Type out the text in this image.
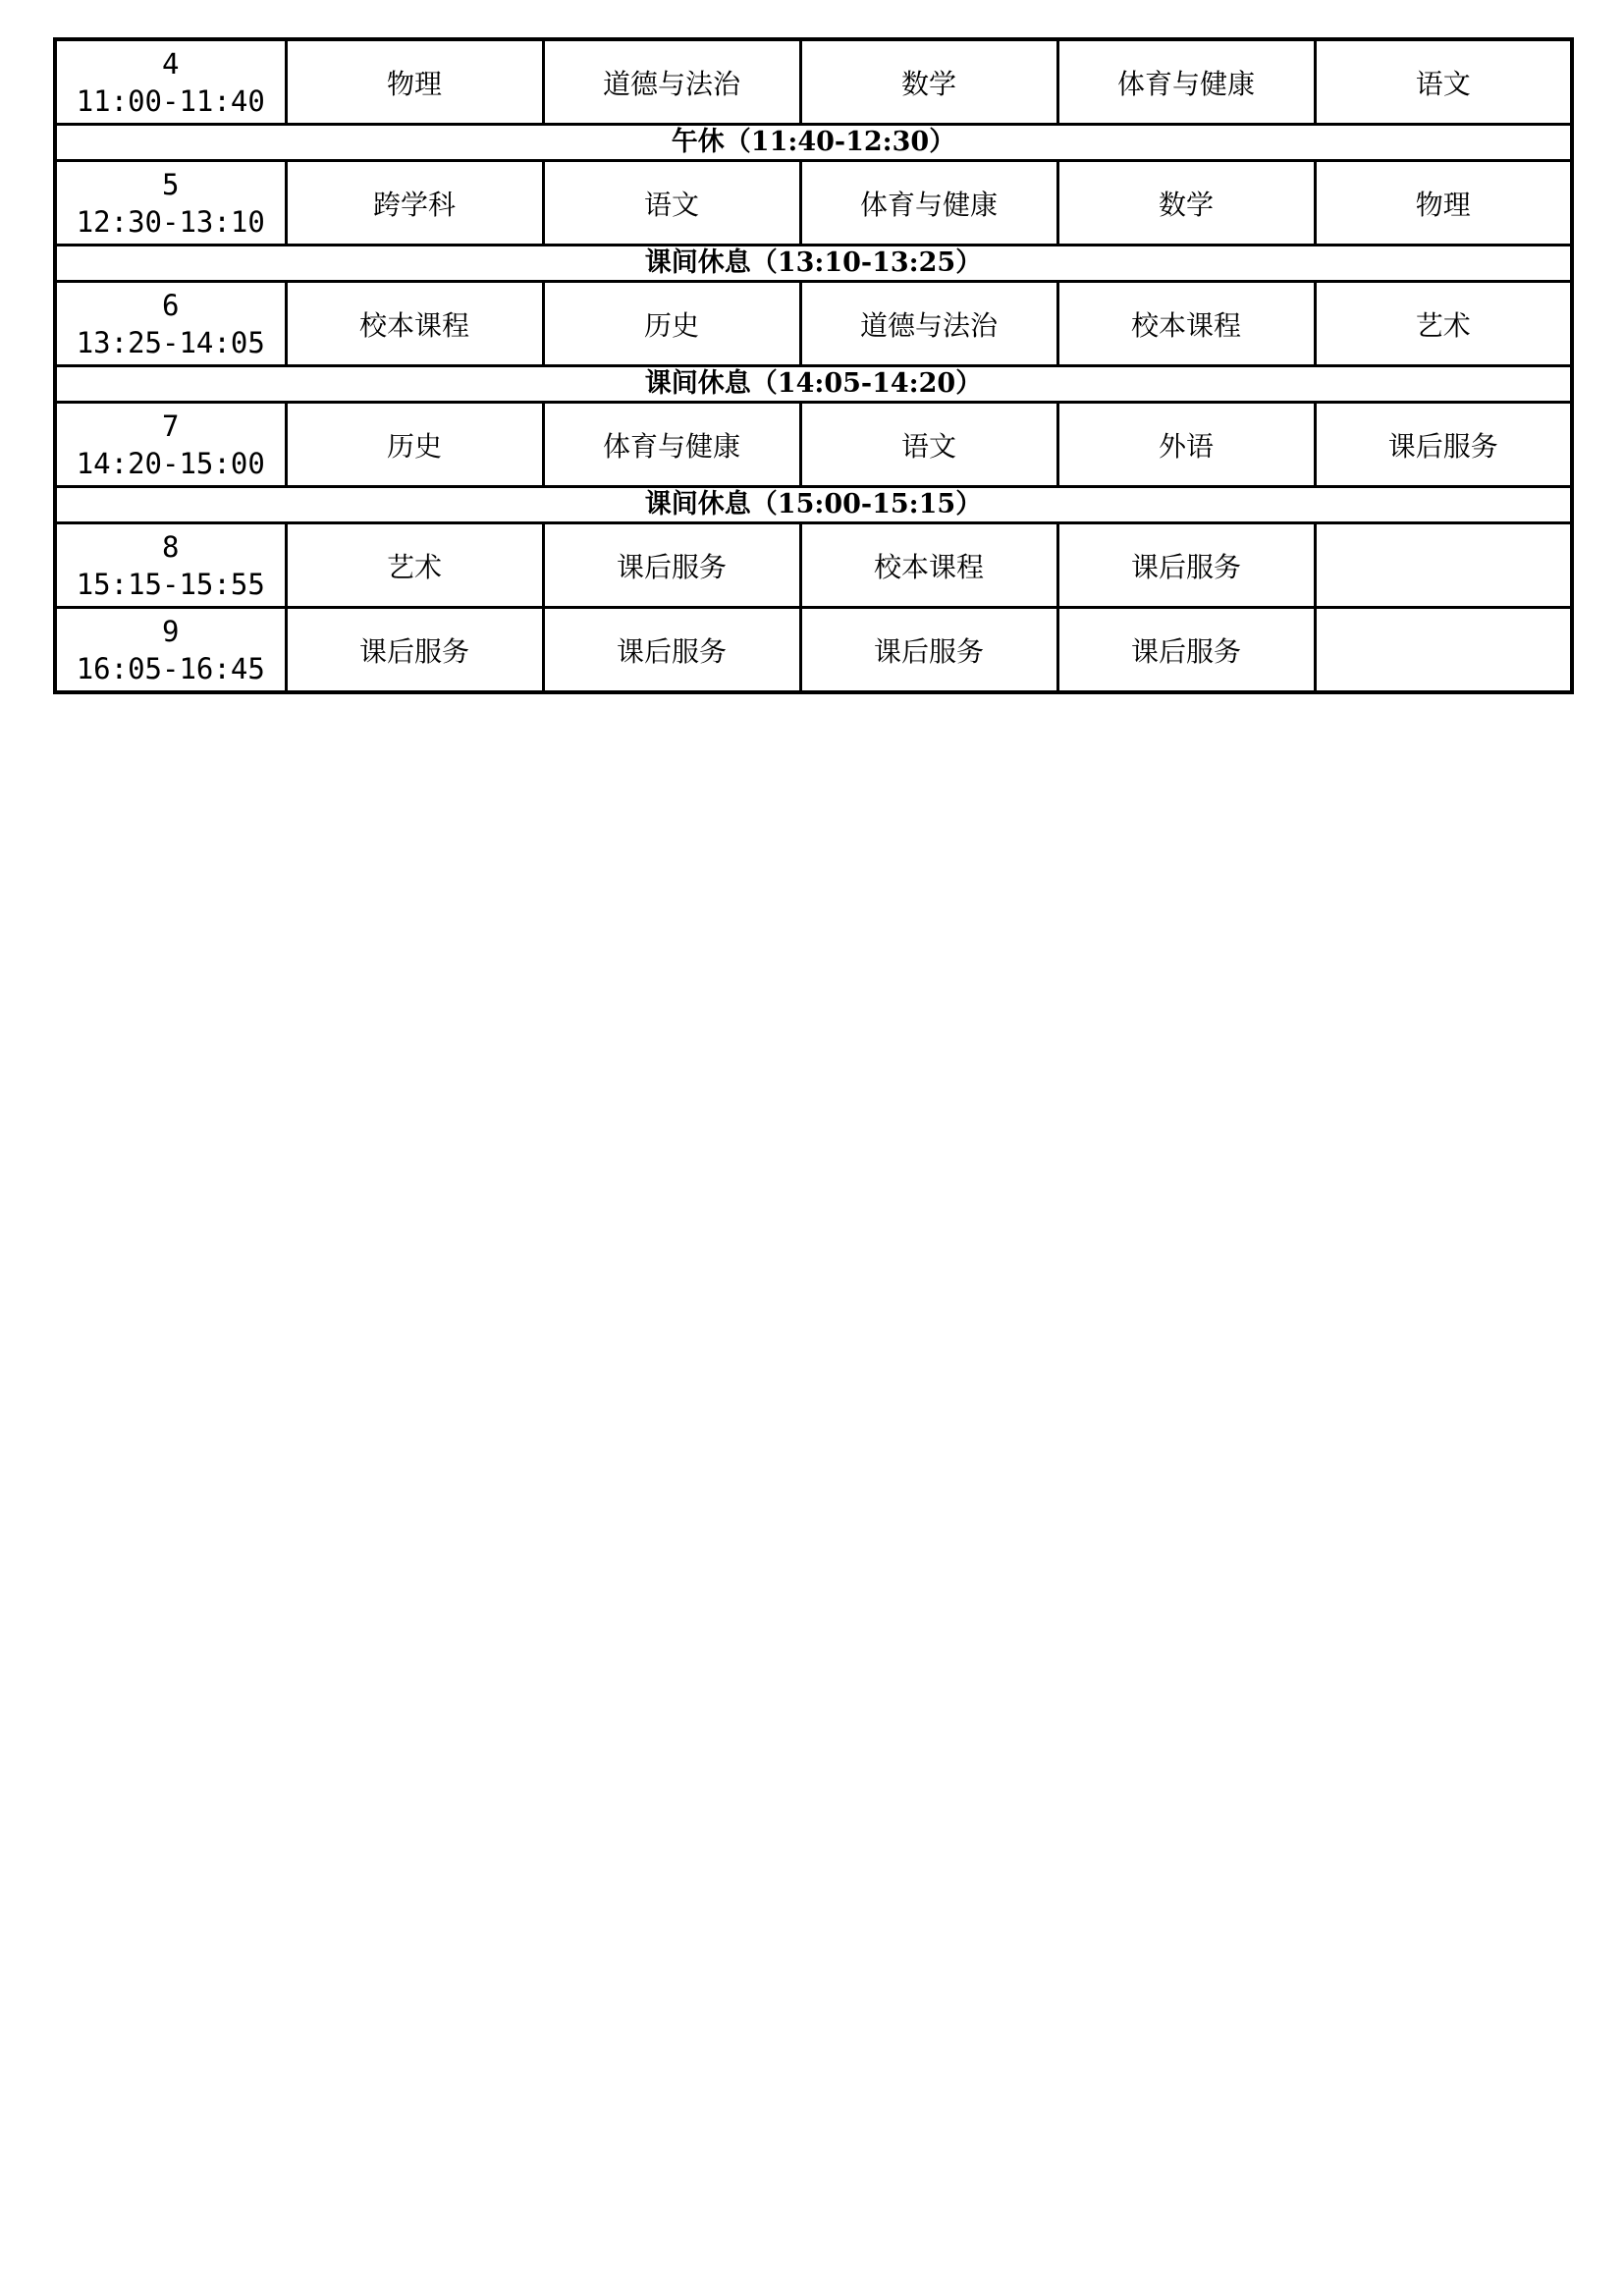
4
11:00-11:40	物理	道德与法治	数学	体育与健康	语文
午休（11:40-12:30）					

5
12:30-13:10	跨学科	语文	体育与健康	数学	物理
课间休息（13:10-13:25）					

6
13:25-14:05	校本课程	历史	道德与法治	校本课程	艺术
课间休息（14:05-14:20）					

7
14:20-15:00	历史	体育与健康	语文	外语	课后服务
课间休息（15:00-15:15）					

8
15:15-15:55	艺术	课后服务	校本课程	课后服务	

9
16:05-16:45	课后服务	课后服务	课后服务	课后服务	
